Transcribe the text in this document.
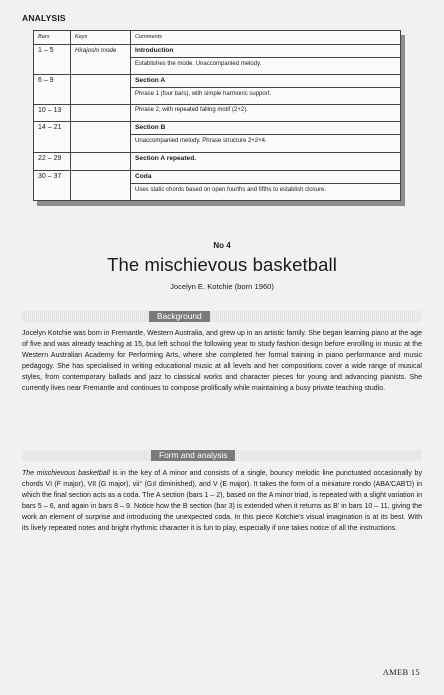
ANALYSIS
Bars	Keys	Comments
1 – 5	Hirajoshi mode	Introduction
Establishes the mode. Unaccompanied melody.

6 – 9		Section A
Phrase 1 (four bars), with simple harmonic support.

10 – 13		Phrase 2, with repeated falling motif (2+2).

14 – 21		Section B
Unaccompanied melody. Phrase structure 2+2+4.

22 – 29		Section A repeated.

30 – 37		Coda
Uses static chords based on open fourths and fifths to establish closure.
No 4
The mischievous basketball
Jocelyn E. Kotchie (born 1960)
Background

Jocelyn Kotchie was born in Fremantle, Western Australia, and grew up in an artistic family. She began learning piano at the age of five and was already teaching at 15, but left school the following year to study fashion design before enrolling in music at the Western Australian Academy for Performing Arts, where she completed her formal training in piano performance and music pedagogy. She has specialised in writing educational music at all levels and her compositions cover a wide range of musical styles, from contemporary ballads and jazz to classical works and character pieces for young and advancing pianists. She currently lives near Fremantle and continues to compose prolifically while maintaining a busy private teaching studio.

Form and analysis

The mischievous basketball is in the key of A minor and consists of a single, bouncy melodic line punctuated occasionally by chords VI (F major), VII (G major), vii° (G♯ diminished), and V (E major). It takes the form of a miniature rondo (ABA′CAB′D) in which the final section acts as a coda. The A section (bars 1 – 2), based on the A minor triad, is repeated with a slight variation in bars 5 – 6, and again in bars 8 – 9. Notice how the B section (bar 3) is extended when it returns as B′ in bars 10 – 11, giving the work an element of surprise and introducing the unexpected coda. In this piece Kotchie's visual imagination is at its best. With its lively repeated notes and bright rhythmic character it is fun to play, especially if one takes notice of all the instructions.

AMEB 15
